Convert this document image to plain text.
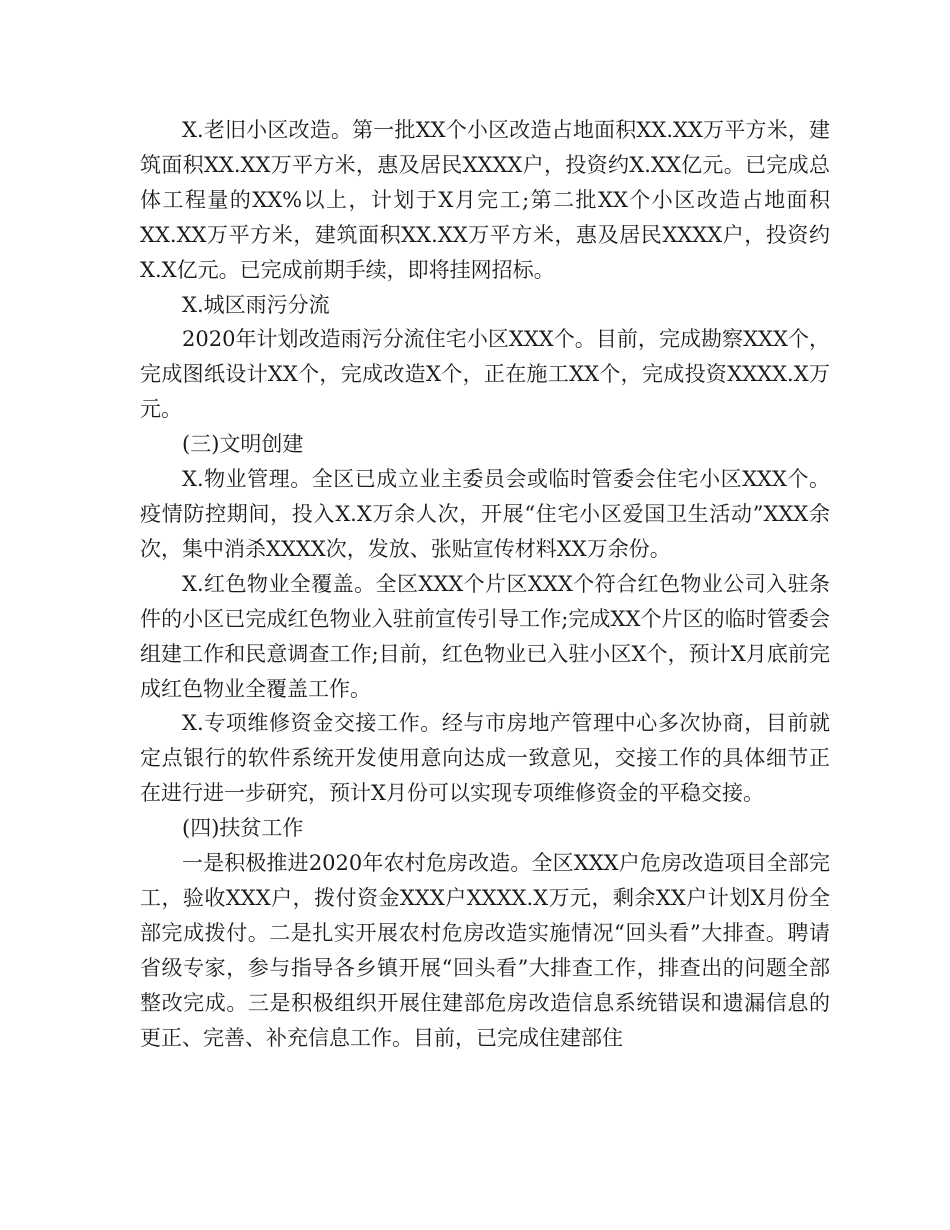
X.老旧小区改造。第一批XX个小区改造占地面积XX.XX万平方米，建筑面积XX.XX万平方米，惠及居民XXXX户，投资约X.XX亿元。已完成总体工程量的XX%以上，计划于X月完工;第二批XX个小区改造占地面积XX.XX万平方米，建筑面积XX.XX万平方米，惠及居民XXXX户，投资约X.X亿元。已完成前期手续，即将挂网招标。

X.城区雨污分流

2020年计划改造雨污分流住宅小区XXX个。目前，完成勘察XXX个，完成图纸设计XX个，完成改造X个，正在施工XX个，完成投资XXXX.X万元。

(三)文明创建

X.物业管理。全区已成立业主委员会或临时管委会住宅小区XXX个。疫情防控期间，投入X.X万余人次，开展“住宅小区爱国卫生活动”XXX余次，集中消杀XXXX次，发放、张贴宣传材料XX万余份。

X.红色物业全覆盖。全区XXX个片区XXX个符合红色物业公司入驻条件的小区已完成红色物业入驻前宣传引导工作;完成XX个片区的临时管委会组建工作和民意调查工作;目前，红色物业已入驻小区X个，预计X月底前完成红色物业全覆盖工作。

X.专项维修资金交接工作。经与市房地产管理中心多次协商，目前就定点银行的软件系统开发使用意向达成一致意见，交接工作的具体细节正在进行进一步研究，预计X月份可以实现专项维修资金的平稳交接。

(四)扶贫工作

一是积极推进2020年农村危房改造。全区XXX户危房改造项目全部完工，验收XXX户，拨付资金XXX户XXXX.X万元，剩余XX户计划X月份全部完成拨付。二是扎实开展农村危房改造实施情况“回头看”大排查。聘请省级专家，参与指导各乡镇开展“回头看”大排查工作，排查出的问题全部整改完成。三是积极组织开展住建部危房改造信息系统错误和遗漏信息的更正、完善、补充信息工作。目前，已完成住建部住
